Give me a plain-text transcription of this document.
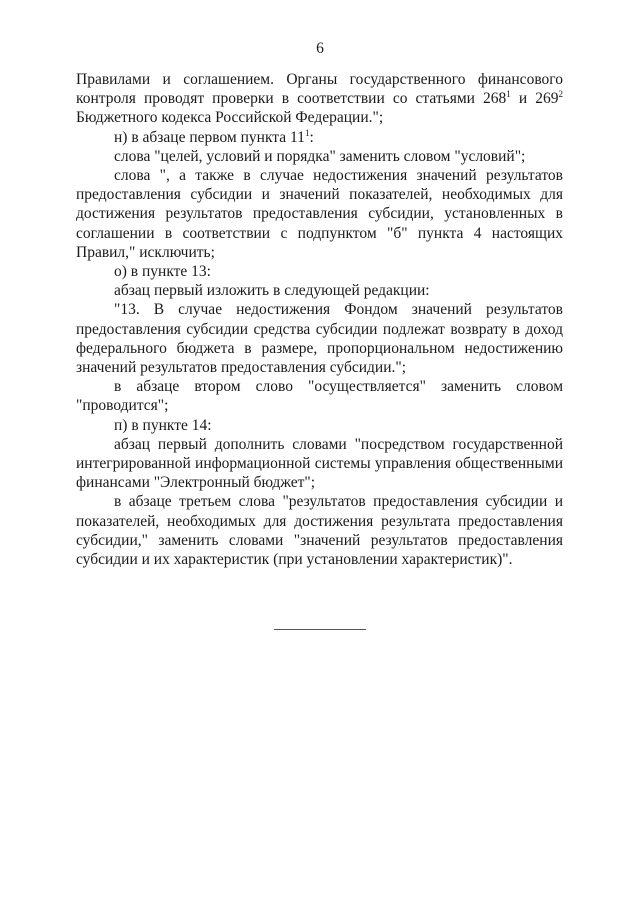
6

Правилами и соглашением. Органы государственного финансового контроля проводят проверки в соответствии со статьями $268^1$ и $269^2$ Бюджетного кодекса Российской Федерации.";

н) в абзаце первом пункта $11^1$:

слова "целей, условий и порядка" заменить словом "условий";

слова ", а также в случае недостижения значений результатов предоставления субсидии и значений показателей, необходимых для достижения результатов предоставления субсидии, установленных в соглашении в соответствии с подпунктом "б" пункта 4 настоящих Правил," исключить;

о) в пункте 13:

абзац первый изложить в следующей редакции:

"13. В случае недостижения Фондом значений результатов предоставления субсидии средства субсидии подлежат возврату в доход федерального бюджета в размере, пропорциональном недостижению значений результатов предоставления субсидии.";

в абзаце втором слово "осуществляется" заменить словом "проводится";

п) в пункте 14:

абзац первый дополнить словами "посредством государственной интегрированной информационной системы управления общественными финансами "Электронный бюджет";

в абзаце третьем слова "результатов предоставления субсидии и показателей, необходимых для достижения результата предоставления субсидии," заменить словами "значений результатов предоставления субсидии и их характеристик (при установлении характеристик)".
